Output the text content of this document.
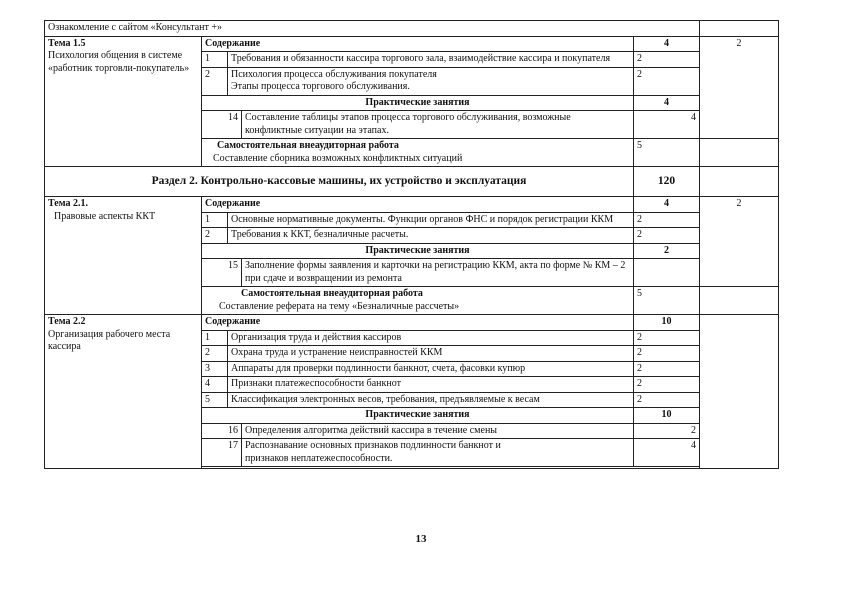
Ознакомление с сайтом «Консультант +»					

Тема 1.5
Психология общения в системе «работник торговли-покупатель»	Содержание			4	2
	1	Требования и обязанности кассира торгового зала, взаимодействие кассира и покупателя		2	
	2	Психология процесса обслуживания покупателя
Этапы процесса торгового обслуживания.		2	
	Практические занятия			4	
	14		Составление таблицы этапов процесса торгового обслуживания, возможные конфликтные ситуации на этапах.	4	

	Самостоятельная внеаудиторная работа
Составление сборника возможных конфликтных ситуаций			5	
Раздел 2. Контрольно-кассовые машины, их устройство и эксплуатация				120	

Тема 2.1.
Правовые аспекты ККТ	Содержание			4	2
	1	Основные нормативные документы. Функции органов ФНС и порядок регистрации ККМ		2	
	2	Требования к ККТ, безналичные расчеты.		2	
	Практические занятия			2	
	15		Заполнение формы заявления и карточки на регистрацию ККМ, акта по форме № КМ – 2 при сдаче и возвращении из ремонта		

	Самостоятельная внеаудиторная работа
Составление реферата на тему «Безналичные рассчеты»			5	

Тема 2.2
Организация рабочего места кассира	Содержание			10	
	1	Организация труда и действия кассиров		2	
	2	Охрана труда и устранение неисправностей ККМ		2	
	3	Аппараты для проверки подлинности банкнот, счета, фасовки купюр		2	
	4	Признаки платежеспособности банкнот		2	
	5	Классификация электронных весов, требования, предъявляемые к весам		2	
	Практические занятия			10	
	16		Определения алгоритма действий кассира в течение смены	2	
	17		Распознавание основных признаков подлинности банкнот и
признаков неплатежеспособности.	4	

13
